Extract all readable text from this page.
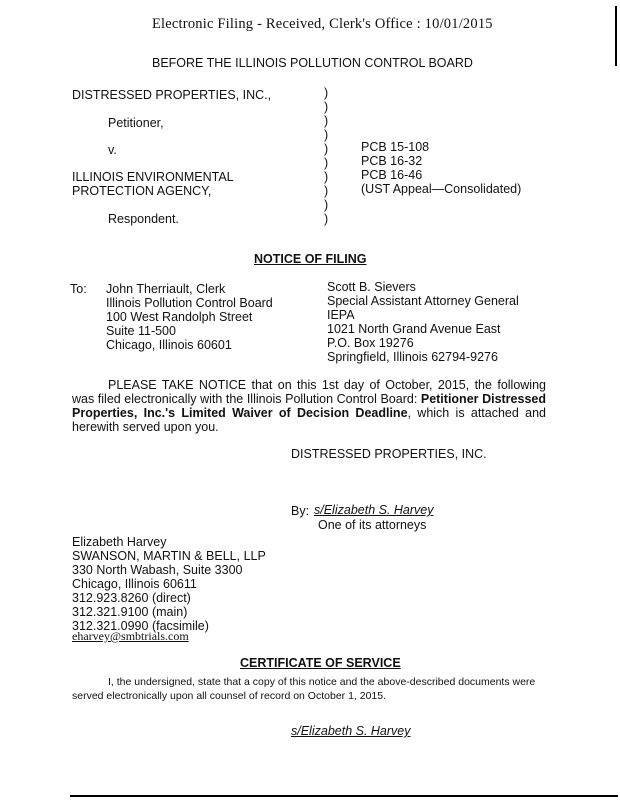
Electronic Filing - Received, Clerk's Office : 10/01/2015
BEFORE THE ILLINOIS POLLUTION CONTROL BOARD
DISTRESSED PROPERTIES, INC.,
Petitioner,
v.
ILLINOIS ENVIRONMENTAL
PROTECTION AGENCY,
Respondent.
)
)
)
)
)
)
)
)
)
)
PCB 15-108
PCB 16-32
PCB 16-46
(UST Appeal—Consolidated)
NOTICE OF FILING
To: John Therriault, Clerk
Illinois Pollution Control Board
100 West Randolph Street
Suite 11-500
Chicago, Illinois 60601
Scott B. Sievers
Special Assistant Attorney General
IEPA
1021 North Grand Avenue East
P.O. Box 19276
Springfield, Illinois 62794-9276
PLEASE TAKE NOTICE that on this 1st day of October, 2015, the following was filed electronically with the Illinois Pollution Control Board: Petitioner Distressed Properties, Inc.'s Limited Waiver of Decision Deadline, which is attached and herewith served upon you.
DISTRESSED PROPERTIES, INC.
By: s/Elizabeth S. Harvey
One of its attorneys
Elizabeth Harvey
SWANSON, MARTIN & BELL, LLP
330 North Wabash, Suite 3300
Chicago, Illinois 60611
312.923.8260 (direct)
312.321.9100 (main)
312.321.0990 (facsimile)
eharvey@smbtrials.com
CERTIFICATE OF SERVICE
I, the undersigned, state that a copy of this notice and the above-described documents were served electronically upon all counsel of record on October 1, 2015.
s/Elizabeth S. Harvey
